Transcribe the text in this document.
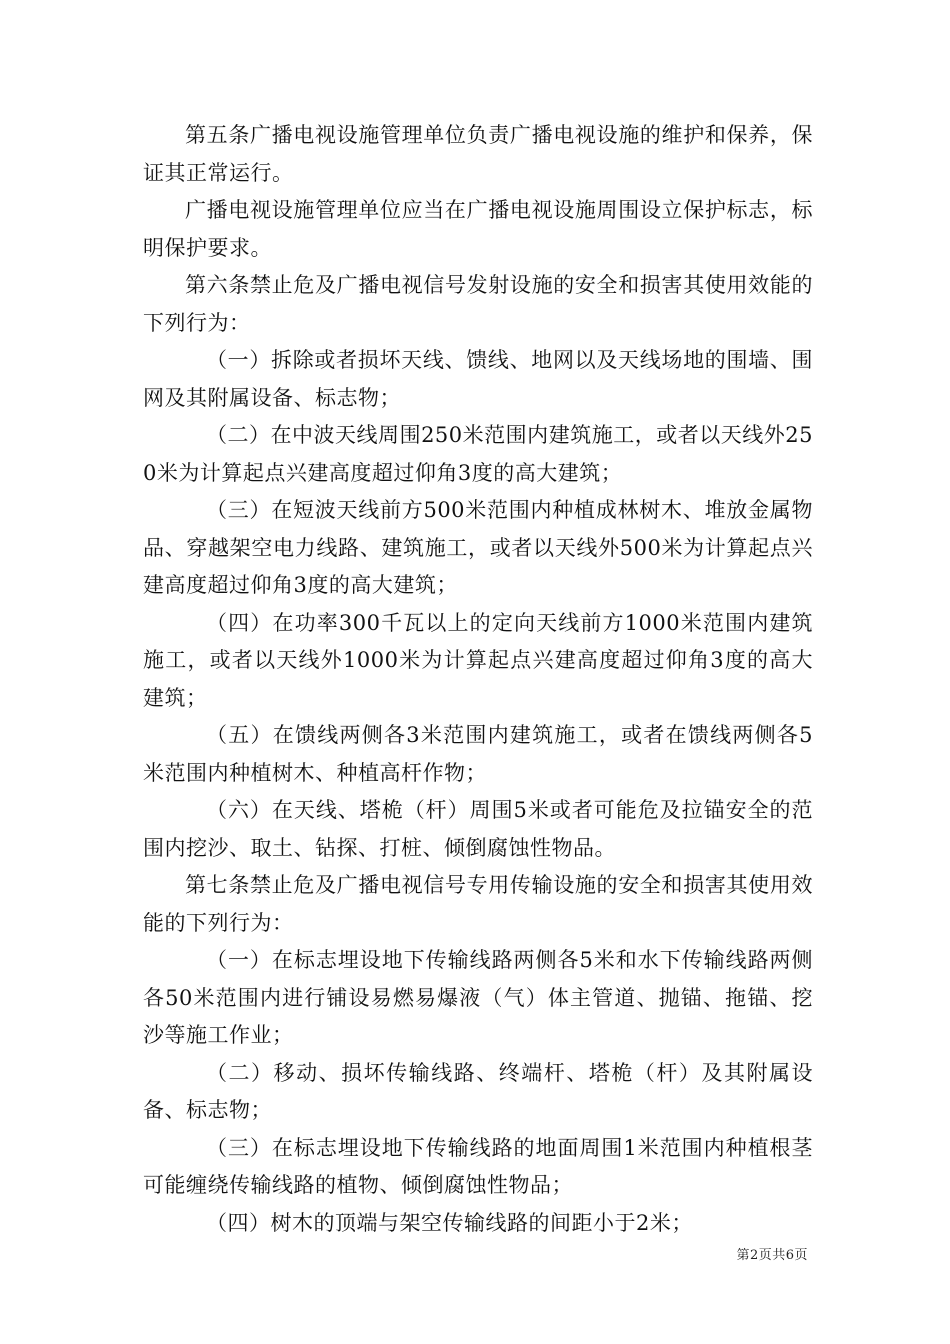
第五条广播电视设施管理单位负责广播电视设施的维护和保养，保证其正常运行。

广播电视设施管理单位应当在广播电视设施周围设立保护标志，标明保护要求。

第六条禁止危及广播电视信号发射设施的安全和损害其使用效能的下列行为：

（一）拆除或者损坏天线、馈线、地网以及天线场地的围墙、围网及其附属设备、标志物；

（二）在中波天线周围250米范围内建筑施工，或者以天线外250米为计算起点兴建高度超过仰角3度的高大建筑；

（三）在短波天线前方500米范围内种植成林树木、堆放金属物品、穿越架空电力线路、建筑施工，或者以天线外500米为计算起点兴建高度超过仰角3度的高大建筑；

（四）在功率300千瓦以上的定向天线前方1000米范围内建筑施工，或者以天线外1000米为计算起点兴建高度超过仰角3度的高大建筑；

（五）在馈线两侧各3米范围内建筑施工，或者在馈线两侧各5米范围内种植树木、种植高杆作物；

（六）在天线、塔桅（杆）周围5米或者可能危及拉锚安全的范围内挖沙、取土、钻探、打桩、倾倒腐蚀性物品。

第七条禁止危及广播电视信号专用传输设施的安全和损害其使用效能的下列行为：

（一）在标志埋设地下传输线路两侧各5米和水下传输线路两侧各50米范围内进行铺设易燃易爆液（气）体主管道、抛锚、拖锚、挖沙等施工作业；

（二）移动、损坏传输线路、终端杆、塔桅（杆）及其附属设备、标志物；

（三）在标志埋设地下传输线路的地面周围1米范围内种植根茎可能缠绕传输线路的植物、倾倒腐蚀性物品；

（四）树木的顶端与架空传输线路的间距小于2米；

第2页共6页
